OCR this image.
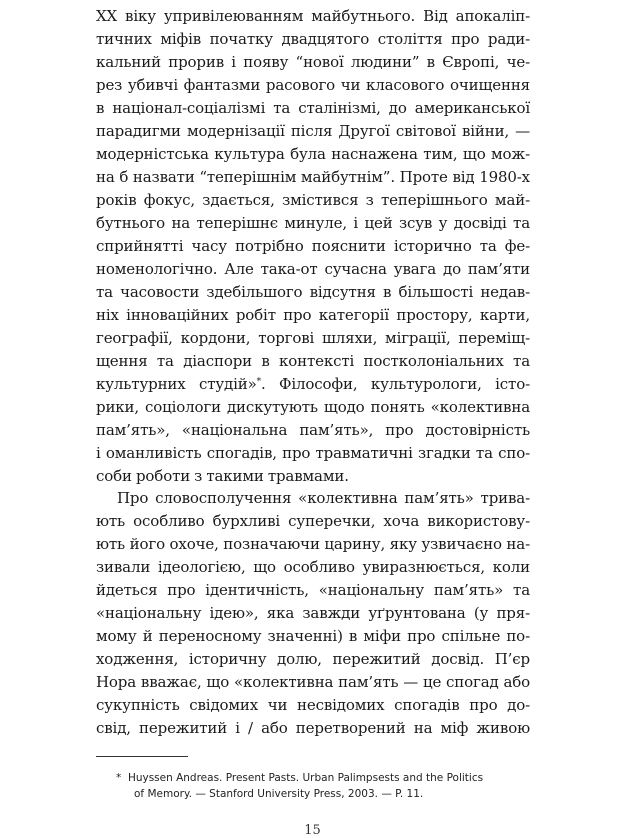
XX віку упривілеюванням майбутнього. Від апокаліп-
тичних міфів початку двадцятого століття про ради-
кальний прорив і появу “нової людини” в Європі, че-
рез убивчі фантазми расового чи класового очищення
в націонал-соціалізмі та сталінізмі, до американської
парадигми модернізації після Другої світової війни, —
модерністська культура була наснажена тим, що мож-
на б назвати “теперішнім майбутнім”. Проте від 1980-х
років фокус, здається, змістився з теперішнього май-
бутнього на теперішнє минуле, і цей зсув у досвіді та
сприйнятті часу потрібно пояснити історично та фе-
номенологічно. Але така-от сучасна увага до пам’яти
та часовости здебільшого відсутня в більшості недав-
ніх інноваційних робіт про категорії простору, карти,
географії, кордони, торгові шляхи, міграції, переміщ-
щення та діаспори в контексті постколоніальних та
культурних студій»*. Філософи, культурологи, істо-
рики, соціологи дискутують щодо понять «колективна
пам’ять», «національна пам’ять», про достовірність
і оманливість спогадів, про травматичні згадки та спо-
соби роботи з такими травмами.
Про словосполучення «колективна пам’ять» трива-
ють особливо бурхливі суперечки, хоча використову-
ють його охоче, позначаючи царину, яку узвичаєно на-
зивали ідеологією, що особливо увиразнюється, коли
йдеться про ідентичність, «національну пам’ять» та
«національну ідею», яка завжди уґрунтована (у пря-
мому й переносному значенні) в міфи про спільне по-
ходження, історичну долю, пережитий досвід. П’єр
Нора вважає, що «колективна пам’ять — це спогад або
сукупність свідомих чи несвідомих спогадів про до-
свід, пережитий і / або перетворений на міф живою
* Huyssen Andreas. Present Pasts. Urban Palimpsests and the Politics
of Memory. — Stanford University Press, 2003. — P. 11.
15
